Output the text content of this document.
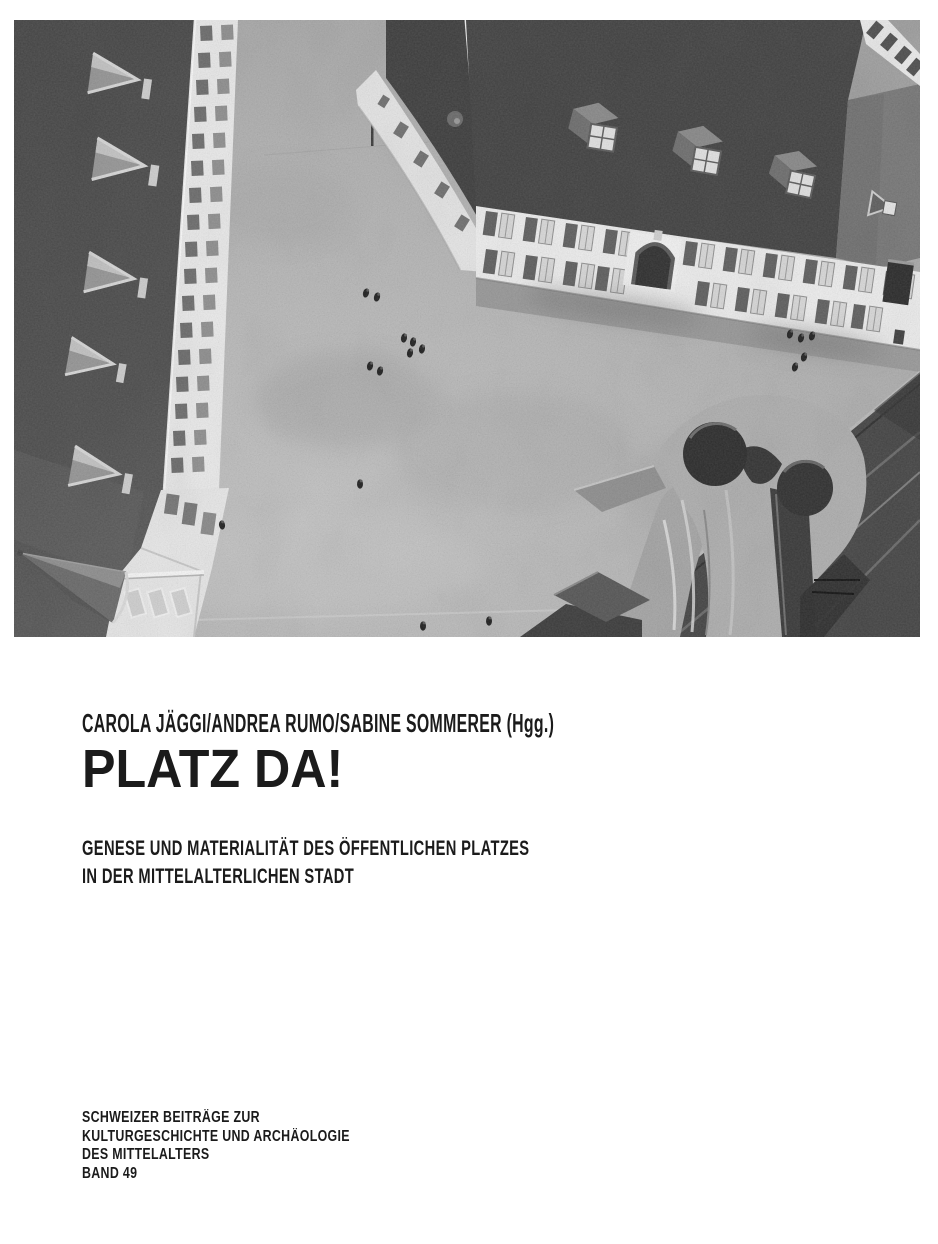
CAROLA JÄGGI/ANDREA RUMO/SABINE SOMMERER (Hgg.)
PLATZ DA!
GENESE UND MATERIALITÄT DES ÖFFENTLICHEN PLATZES
IN DER MITTELALTERLICHEN STADT
SCHWEIZER BEITRÄGE ZUR
KULTURGESCHICHTE UND ARCHÄOLOGIE
DES MITTELALTERS
BAND 49
